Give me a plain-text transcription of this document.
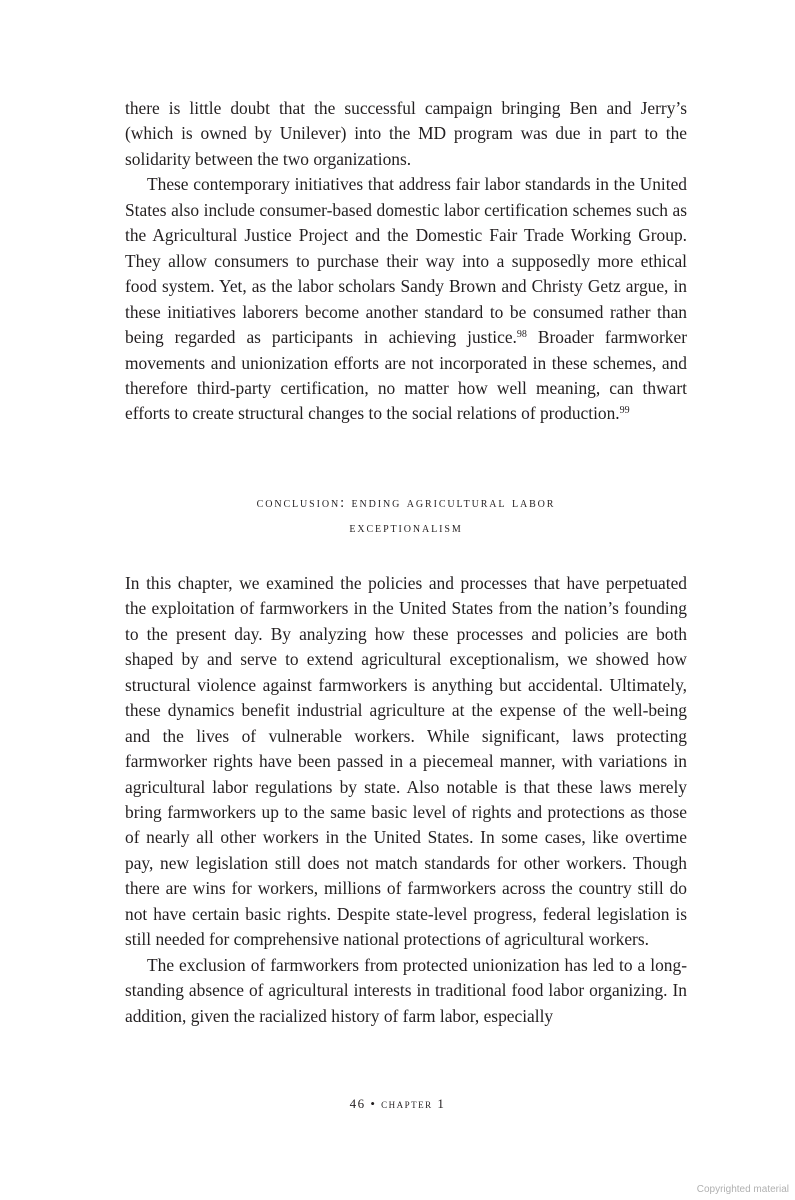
there is little doubt that the successful campaign bringing Ben and Jerry’s (which is owned by Unilever) into the MD program was due in part to the solidarity between the two organizations.

These contemporary initiatives that address fair labor standards in the United States also include consumer-based domestic labor certification schemes such as the Agricultural Justice Project and the Domestic Fair Trade Working Group. They allow consumers to purchase their way into a supposedly more ethical food system. Yet, as the labor scholars Sandy Brown and Christy Getz argue, in these initiatives laborers become another standard to be consumed rather than being regarded as participants in achieving justice.$^{98}$ Broader farmworker movements and unionization efforts are not incorporated in these schemes, and therefore third-party certification, no matter how well meaning, can thwart efforts to create structural changes to the social relations of production.$^{99}$

conclusion: ending agricultural labor
exceptionalism

In this chapter, we examined the policies and processes that have perpetuated the exploitation of farmworkers in the United States from the nation’s founding to the present day. By analyzing how these processes and policies are both shaped by and serve to extend agricultural exceptionalism, we showed how structural violence against farmworkers is anything but accidental. Ultimately, these dynamics benefit industrial agriculture at the expense of the well-being and the lives of vulnerable workers. While significant, laws protecting farmworker rights have been passed in a piecemeal manner, with variations in agricultural labor regulations by state. Also notable is that these laws merely bring farmworkers up to the same basic level of rights and protections as those of nearly all other workers in the United States. In some cases, like overtime pay, new legislation still does not match standards for other workers. Though there are wins for workers, millions of farmworkers across the country still do not have certain basic rights. Despite state-level progress, federal legislation is still needed for comprehensive national protections of agricultural workers.

The exclusion of farmworkers from protected unionization has led to a long-standing absence of agricultural interests in traditional food labor organizing. In addition, given the racialized history of farm labor, especially

46 • chapter 1
Copyrighted material
